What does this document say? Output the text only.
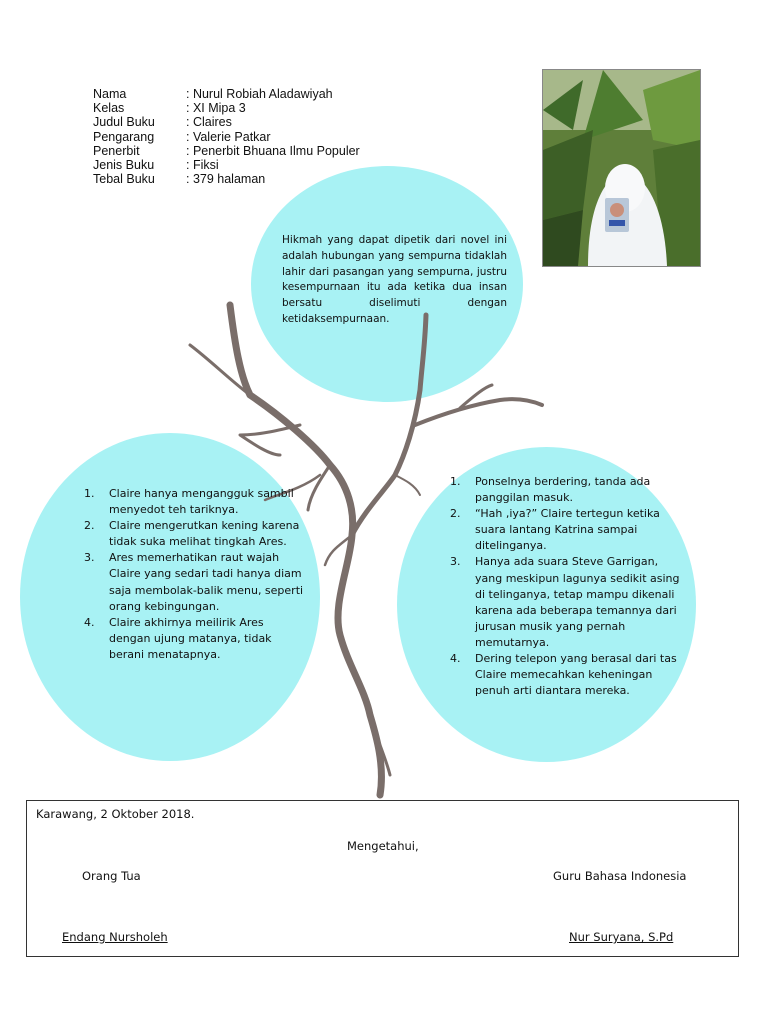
Nama	: Nurul Robiah Aladawiyah
Kelas	: XI Mipa 3
Judul Buku	: Claires
Pengarang	: Valerie Patkar
Penerbit	: Penerbit Bhuana Ilmu Populer
Jenis Buku	: Fiksi
Tebal Buku	: 379 halaman
Hikmah yang dapat dipetik dari novel ini adalah hubungan yang sempurna tidaklah lahir dari pasangan yang sempurna, justru kesempurnaan itu ada ketika dua insan bersatu diselimuti dengan ketidaksempurnaan.
1.	Claire hanya mengangguk sambil menyedot teh tariknya.
2.	Claire mengerutkan kening karena tidak suka melihat tingkah Ares.
3.	Ares memerhatikan raut wajah Claire yang sedari tadi hanya diam saja membolak-balik menu, seperti orang kebingungan.
4.	Claire akhirnya meilirik Ares dengan ujung matanya, tidak berani menatapnya.
1.	Ponselnya berdering, tanda ada panggilan masuk.
2.	“Hah ,iya?” Claire tertegun ketika suara lantang Katrina sampai ditelinganya.
3.	Hanya ada suara Steve Garrigan, yang meskipun lagunya sedikit asing di telinganya, tetap mampu dikenali karena ada beberapa temannya dari jurusan musik yang pernah memutarnya.
4.	Dering telepon yang berasal dari tas Claire memecahkan keheningan penuh arti diantara mereka.
Karawang, 2 Oktober 2018.
Mengetahui,
Orang Tua	Guru Bahasa Indonesia
Endang Nursholeh	Nur Suryana, S.Pd
